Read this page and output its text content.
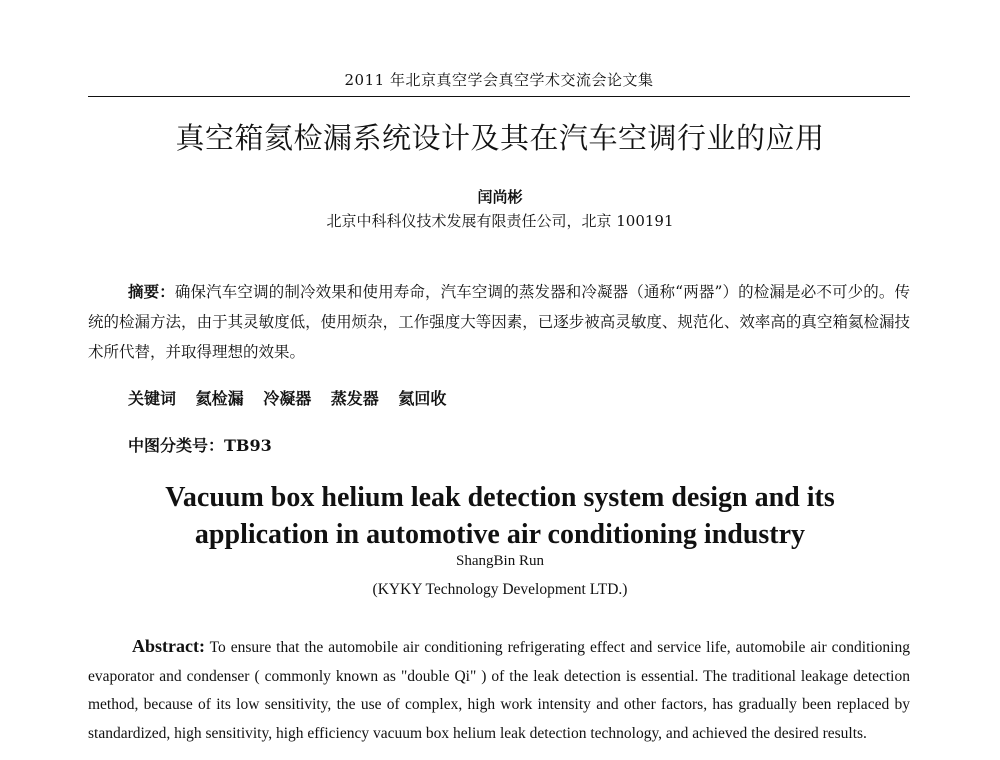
2011 年北京真空学会真空学术交流会论文集
真空箱氦检漏系统设计及其在汽车空调行业的应用
闰尚彬
北京中科科仪技术发展有限责任公司，北京 100191
摘要：确保汽车空调的制冷效果和使用寿命，汽车空调的蒸发器和冷凝器（通称“两器”）的检漏是必不可少的。传统的检漏方法，由于其灵敏度低，使用烦杂，工作强度大等因素，已逐步被高灵敏度、规范化、效率高的真空箱氦检漏技术所代替，并取得理想的效果。
关键词 氦检漏 冷凝器 蒸发器 氦回收
中图分类号：TB93
Vacuum box helium leak detection system design and its
application in automotive air conditioning industry
ShangBin Run
(KYKY Technology Development LTD.)
Abstract: To ensure that the automobile air conditioning refrigerating effect and service life, automobile air conditioning evaporator and condenser ( commonly known as "double Qi" ) of the leak detection is essential. The traditional leakage detection method, because of its low sensitivity, the use of complex, high work intensity and other factors, has gradually been replaced by standardized, high sensitivity, high efficiency vacuum box helium leak detection technology, and achieved the desired results.
